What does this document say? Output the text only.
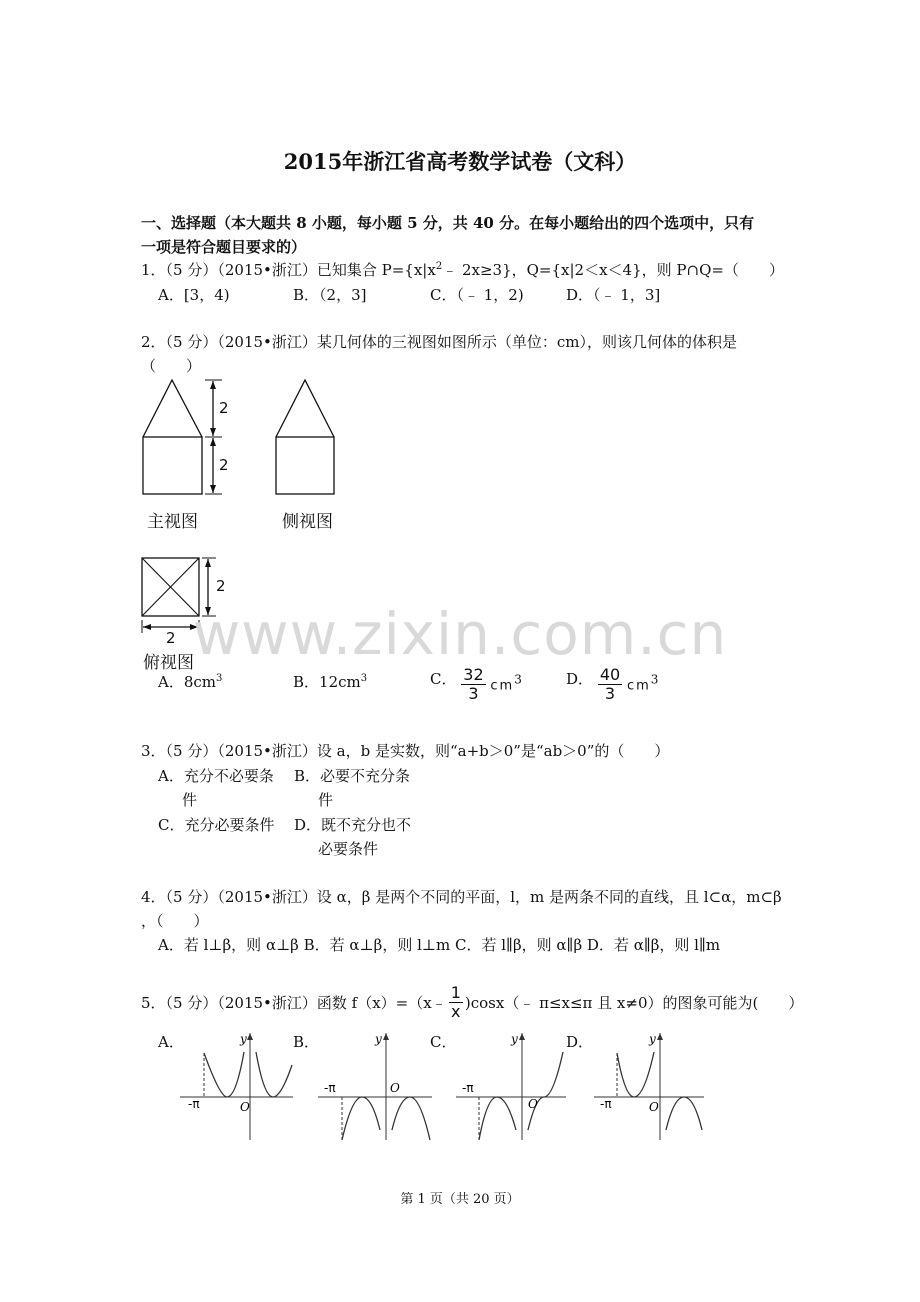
2015年浙江省高考数学试卷（文科）
一、选择题（本大题共 8 小题，每小题 5 分，共 40 分。在每小题给出的四个选项中，只有
一项是符合题目要求的）
1．（5 分）（2015•浙江）已知集合 $P=\{x|x^2﹣$ 2x≥3}，Q={x|2＜x＜4}，则 P∩Q=（　　）
A．[3，4)	B．（2，3]	C．（﹣ 1，2)	D．（﹣ 1，3]
2．（5 分）（2015•浙江）某几何体的三视图如图所示（单位：cm），则该几何体的体积是
（　　）
2
2
主视图	侧视图
2
2
俯视图
A．$8cm^3$	B．$12cm^3$	C． $\frac{32}{3} cm^3$	D． $\frac{40}{3} cm^3$
www.zixin.com.cn
3．（5 分）（2015•浙江）设 a，b 是实数，则“a+b＞0”是“ab＞0”的（　　）
A．充分不必要条
件
B．必要不充分条
件
C．充分必要条件 D．既不充分也不
必要条件
4．（5 分）（2015•浙江）设 α，β 是两个不同的平面，l，m 是两条不同的直线，且 l⊂α，m⊂β
，（　　）
A．若 l⊥β，则 α⊥β B．若 α⊥β，则 l⊥m C．若 l∥β，则 α∥β D．若 α∥β，则 l∥m
5．（5 分）（2015•浙江）函数 f（x）=（x﹣ $\frac{1}{x}$ )cosx（﹣ π≤x≤π 且 x≠0）的图象可能为(　　）
A．	B．	C．	D．
y
O
-π
y
O
-π
y
O
-π
y
O
-π
第 1 页（共 20 页）
